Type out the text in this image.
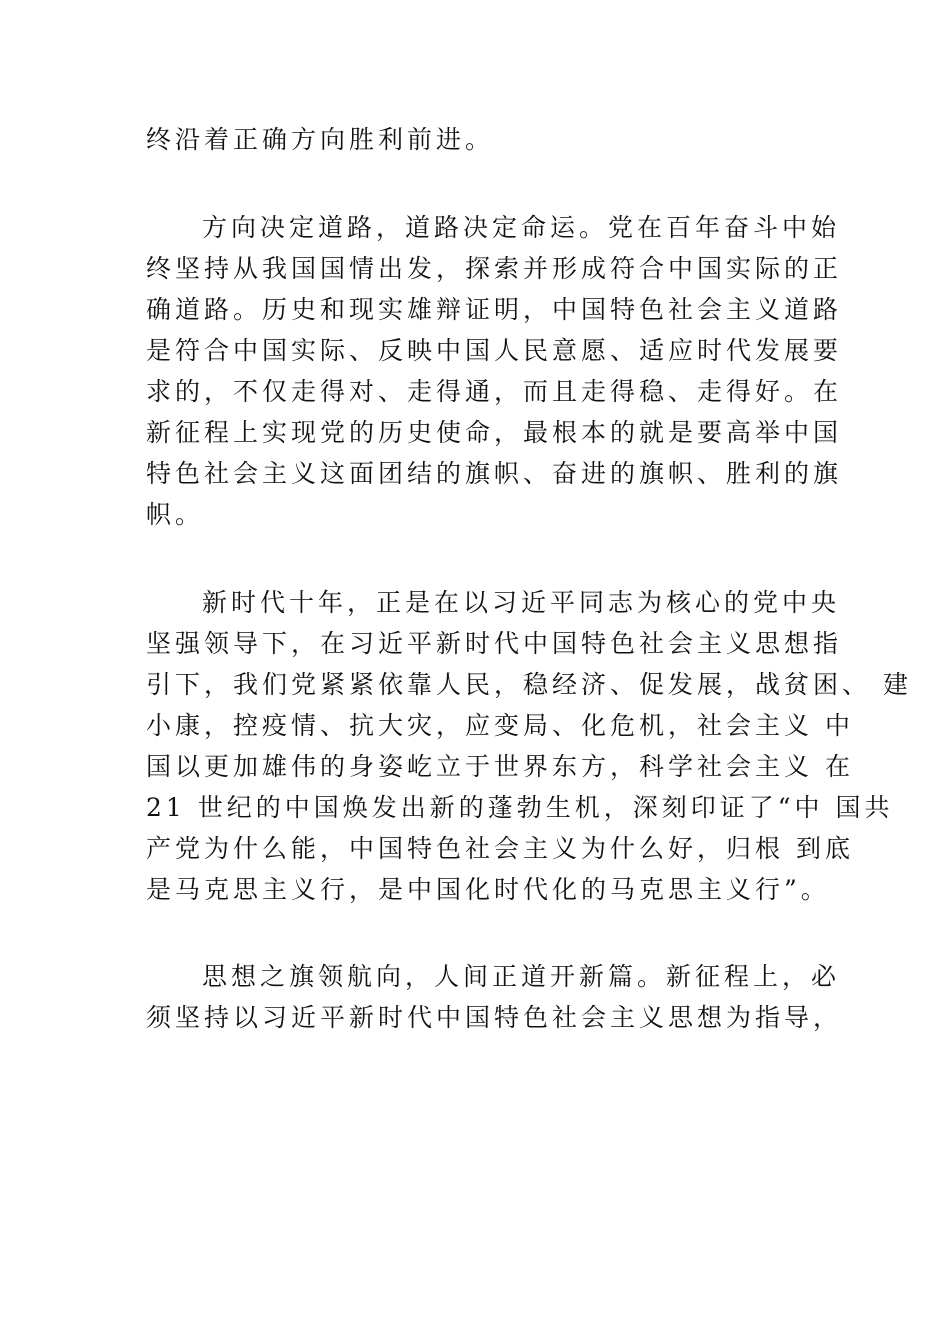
终沿着正确方向胜利前进。

方向决定道路，道路决定命运。党在百年奋斗中始

终坚持从我国国情出发，探索并形成符合中国实际的正

确道路。历史和现实雄辩证明，中国特色社会主义道路

是符合中国实际、反映中国人民意愿、适应时代发展要

求的，不仅走得对、走得通，而且走得稳、走得好。在

新征程上实现党的历史使命，最根本的就是要高举中国

特色社会主义这面团结的旗帜、奋进的旗帜、胜利的旗

帜。

新时代十年，正是在以习近平同志为核心的党中央

坚强领导下，在习近平新时代中国特色社会主义思想指

引下，我们党紧紧依靠人民，稳经济、促发展，战贫困、 建

小康，控疫情、抗大灾，应变局、化危机，社会主义 中

国以更加雄伟的身姿屹立于世界东方，科学社会主义 在

21 世纪的中国焕发出新的蓬勃生机，深刻印证了“中 国共

产党为什么能，中国特色社会主义为什么好，归根 到底

是马克思主义行，是中国化时代化的马克思主义行”。

思想之旗领航向，人间正道开新篇。新征程上，必

须坚持以习近平新时代中国特色社会主义思想为指导，
